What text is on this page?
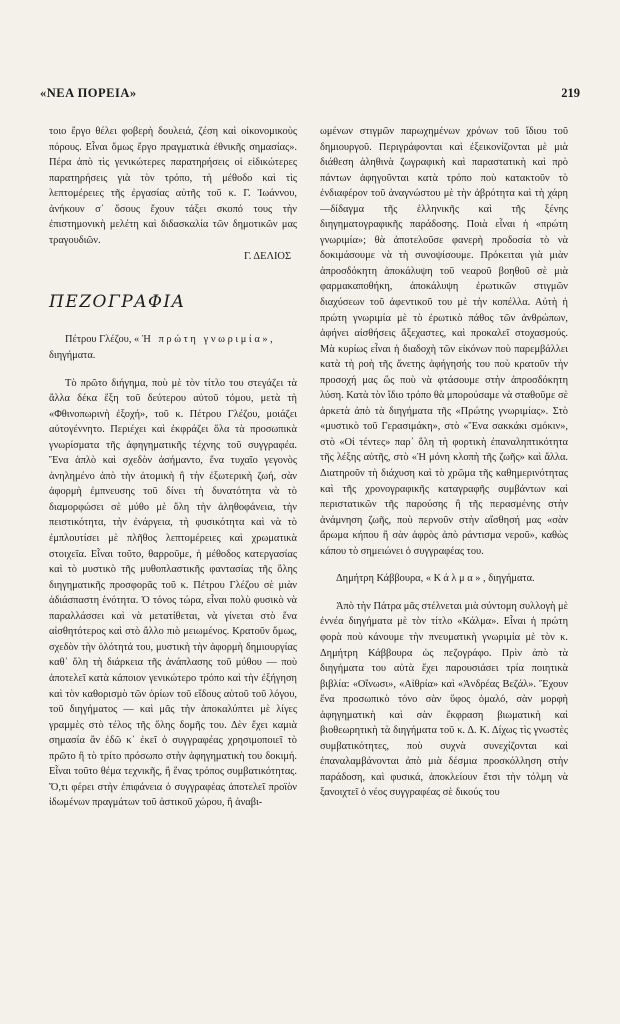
«ΝΕΑ ΠΟΡΕΙΑ»	219

τοιο ἔργο θέλει φοβερὴ δουλειά, ζέση καὶ οἰκονομικοὺς πόρους. Εἶναι ὅμως ἔργο πραγματικὰ ἐθνικῆς σημασίας». Πέρα ἀπὸ τὶς γενικώτερες παρατηρήσεις οἱ εἰδικώτερες παρατηρήσεις γιὰ τὸν τρόπο, τὴ μέθοδο καὶ τὶς λεπτομέρειες τῆς ἐργασίας αὐτῆς τοῦ κ. Γ. Ἰωάννου, ἀνήκουν σ᾿ ὅσους ἔχουν τάξει σκοπό τους τὴν ἐπιστημονικὴ μελέτη καὶ διδασκαλία τῶν δημοτικῶν μας τραγουδιῶν.

Γ. ΔΕΛΙΟΣ

ΠΕΖΟΓΡΑΦΙΑ

Πέτρου Γλέζου, «Ἡ πρώτη γνωριμία», διηγήματα.

Τὸ πρῶτο διήγημα, ποὺ μὲ τὸν τίτλο του στεγάζει τὰ ἄλλα δέκα ἕξη τοῦ δεύτερου αὐτοῦ τόμου, μετὰ τὴ «Φθινοπωρινὴ ἐξοχή», τοῦ κ. Πέτρου Γλέζου, μοιάζει αὐτογέννητο. Περιέχει καὶ ἐκφράζει ὅλα τὰ προσωπικὰ γνωρίσματα τῆς ἀφηγηματικῆς τέχνης τοῦ συγγραφέα. Ἕνα ἁπλὸ καὶ σχεδὸν ἀσήμαντο, ἕνα τυχαῖο γεγονὸς ἀνηλημένο ἀπὸ τὴν ἀτομικὴ ἢ τὴν ἐξωτερικὴ ζωή, σὰν ἀφορμὴ ἐμπνευσης τοῦ δίνει τὴ δυνατότητα νὰ τὸ διαμορφώσει σὲ μύθο μὲ ὅλη τὴν ἀληθοφάνεια, τὴν πειστικότητα, τὴν ἐνάργεια, τὴ φυσικότητα καὶ νὰ τὸ ἐμπλουτίσει μὲ πλῆθος λεπτομέρειες καὶ χρωματικὰ στοιχεῖα. Εἶναι τοῦτο, θαρροῦμε, ἡ μέθοδος κατεργασίας καὶ τὸ μυστικὸ τῆς μυθοπλαστικῆς φαντασίας τῆς ὅλης διηγηματικῆς προσφορᾶς τοῦ κ. Πέτρου Γλέζου σὲ μιὰν ἀδιάσπαστη ἑνότητα. Ὁ τόνος τώρα, εἶναι πολὺ φυσικὸ νὰ παραλλάσσει καὶ νὰ μετατίθεται, νὰ γίνεται στὸ ἕνα αἰσθητότερος καὶ στὸ ἄλλο πιὸ μειωμένος. Κρατοῦν ὅμως, σχεδὸν τὴν ὁλότητά του, μυστικὴ τὴν ἀφορμὴ δημιουργίας καθ᾿ ὅλη τὴ διάρκεια τῆς ἀνάπλασης τοῦ μύθου — ποὺ ἀποτελεῖ κατὰ κάποιον γενικώτερο τρόπο καὶ τὴν ἐξήγηση καὶ τὸν καθορισμὸ τῶν ὁρίων τοῦ εἴδους αὐτοῦ τοῦ λόγου, τοῦ διηγήματος — καὶ μᾶς τὴν ἀποκαλύπτει μὲ λίγες γραμμὲς στὸ τέλος τῆς ὅλης δομῆς του. Δὲν ἔχει καμιὰ σημασία ἂν ἐδῶ κ᾿ ἐκεῖ ὁ συγγραφέας χρησιμοποιεῖ τὸ πρῶτο ἢ τὸ τρίτο πρόσωπο στὴν ἀφηγηματικὴ του δοκιμή. Εἶναι τοῦτο θέμα τεχνικῆς, ἢ ἕνας τρόπος συμβατικότητας. Ὅ,τι φέρει στὴν ἐπιφάνεια ὁ συγγραφέας ἀποτελεῖ προϊὸν ἰδωμένων πραγμάτων τοῦ ἀστικοῦ χώρου, ἢ ἀναβι-

ωμένων στιγμῶν παρωχημένων χρόνων τοῦ ἴδιου τοῦ δημιουργοῦ. Περιγράφονται καὶ ἐξεικονίζονται μὲ μιὰ διάθεση ἀληθινὰ ζωγραφικὴ καὶ παραστατικὴ καὶ πρὸ πάντων ἀφηγοῦνται κατὰ τρόπο ποὺ κατακτοῦν τὸ ἐνδιαφέρον τοῦ ἀναγνώστου μὲ τὴν ἀβρότητα καὶ τὴ χάρη—δίδαγμα τῆς ἑλληνικῆς καὶ τῆς ξένης διηγηματογραφικῆς παράδοσης. Ποιὰ εἶναι ἡ «πρώτη γνωριμία»; θὰ ἀποτελοῦσε φανερὴ προδοσία τὸ νὰ δοκιμάσουμε νὰ τὴ συνοψίσουμε. Πρόκειται γιὰ μιὰν ἀπροσδόκητη ἀποκάλυψη τοῦ νεαροῦ βοηθοῦ σὲ μιὰ φαρμακαποθήκη, ἀποκάλυψη ἐρωτικῶν στιγμῶν διαχύσεων τοῦ ἀφεντικοῦ του μὲ τὴν κοπέλλα. Αὐτὴ ἡ πρώτη γνωριμία μὲ τὸ ἐρωτικὸ πάθος τῶν ἀνθρώπων, ἀφήνει αἰσθήσεις ἄξεχαστες, καὶ προκαλεῖ στοχασμούς. Μὰ κυρίως εἶναι ἡ διαδοχὴ τῶν εἰκόνων ποὺ παρεμβάλλει κατὰ τὴ ροὴ τῆς ἄνετης ἀφήγησής του ποὺ κρατοῦν τὴν προσοχή μας ὥς ποὺ νὰ φτάσουμε στὴν ἀπροσδόκητη λύση. Κατὰ τὸν ἴδιο τρόπο θὰ μπορούσαμε νὰ σταθοῦμε σὲ ἀρκετὰ ἀπὸ τὰ διηγήματα τῆς «Πρώτης γνωριμίας». Στὸ «μυστικὸ τοῦ Γερασιμάκη», στὸ «Ἕνα σακκάκι σμόκιν», στὸ «Οἱ τέντες» παρ᾿ ὅλη τὴ φορτικὴ ἐπαναληπτικότητα τῆς λέξης αὐτῆς, στὸ «Ἡ μόνη κλοπὴ τῆς ζωῆς» καὶ ἄλλα. Διατηροῦν τὴ διάχυση καὶ τὸ χρῶμα τῆς καθημερινότητας καὶ τῆς χρονογραφικῆς καταγραφῆς συμβάντων καὶ περιστατικῶν τῆς παρούσης ἢ τῆς περασμένης στὴν ἀνάμνηση ζωῆς, ποὺ περνοῦν στὴν αἴσθησή μας «σὰν ἄρωμα κήπου ἢ σὰν ἀφρὸς ἀπὸ ράντισμα νεροῦ», καθὼς κάπου τὸ σημειώνει ὁ συγγραφέας του.

Δημήτρη Κάββουρα, «Κάλμα», διηγήματα.

Ἀπὸ τὴν Πάτρα μᾶς στέλνεται μιὰ σύντομη συλλογὴ μὲ ἐννέα διηγήματα μὲ τὸν τίτλο «Κάλμα». Εἶναι ἡ πρώτη φορὰ ποὺ κάνουμε τὴν πνευματικὴ γνωριμία μὲ τὸν κ. Δημήτρη Κάββουρα ὡς πεζογράφο. Πρὶν ἀπὸ τὰ διηγήματα του αὐτὰ ἔχει παρουσιάσει τρία ποιητικὰ βιβλία: «Οἴνωσι», «Αἰθρία» καὶ «Ἀνδρέας Βεζάλ». Ἔχουν ἕνα προσωπικὸ τόνο σὰν ὕφος ὁμαλό, σὰν μορφὴ ἀφηγηματικὴ καὶ σὰν ἔκφραση βιωματικὴ καὶ βιοθεωρητικὴ τὰ διηγήματα τοῦ κ. Δ. Κ. Δίχως τὶς γνωστὲς συμβατικότητες, ποὺ συχνὰ συνεχίζονται καὶ ἐπαναλαμβάνονται ἀπὸ μιὰ δέσμια προσκόλληση στὴν παράδοση, καὶ φυσικά, ἀποκλείουν ἔτσι τὴν τόλμη νὰ ξανοιχτεῖ ὁ νέος συγγραφέας σὲ δικούς του
